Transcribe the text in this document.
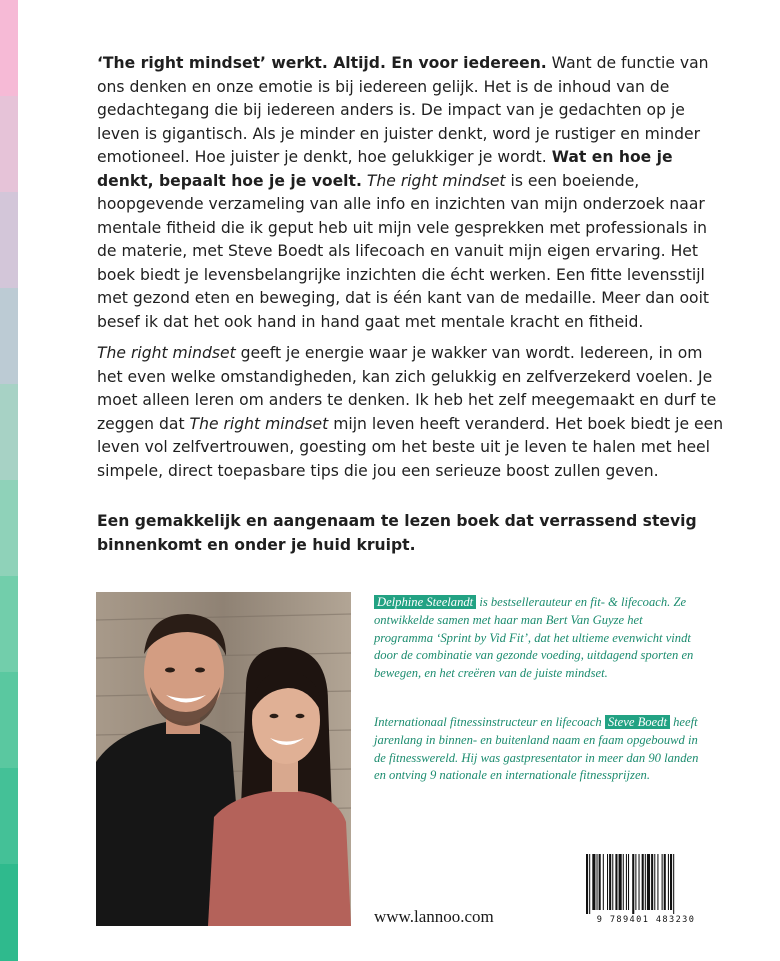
‘The right mindset’ werkt. Altijd. En voor iedereen. Want de functie van ons denken en onze emotie is bij iedereen gelijk. Het is de inhoud van de gedachtegang die bij iedereen anders is. De impact van je gedachten op je leven is gigantisch. Als je minder en juister denkt, word je rustiger en minder emotioneel. Hoe juister je denkt, hoe gelukkiger je wordt. Wat en hoe je denkt, bepaalt hoe je je voelt. The right mindset is een boeiende, hoopgevende verzameling van alle info en inzichten van mijn onderzoek naar mentale fitheid die ik geput heb uit mijn vele gesprekken met professionals in de materie, met Steve Boedt als lifecoach en vanuit mijn eigen ervaring. Het boek biedt je levensbelangrijke inzichten die écht werken. Een fitte levensstijl met gezond eten en beweging, dat is één kant van de medaille. Meer dan ooit besef ik dat het ook hand in hand gaat met mentale kracht en fitheid.

The right mindset geeft je energie waar je wakker van wordt. Iedereen, in om het even welke omstandigheden, kan zich gelukkig en zelfverzekerd voelen. Je moet alleen leren om anders te denken. Ik heb het zelf meegemaakt en durf te zeggen dat The right mindset mijn leven heeft veranderd. Het boek biedt je een leven vol zelfvertrouwen, goesting om het beste uit je leven te halen met heel simpele, direct toepasbare tips die jou een serieuze boost zullen geven.

Een gemakkelijk en aangenaam te lezen boek dat verrassend stevig binnenkomt en onder je huid kruipt.

Delphine Steelandt is bestsellerauteur en fit- & lifecoach. Ze ontwikkelde samen met haar man Bert Van Guyze het programma ‘Sprint by Vid Fit’, dat het ultieme evenwicht vindt door de combinatie van gezonde voeding, uitdagend sporten en bewegen, en het creëren van de juiste mindset.

Internationaal fitnessinstructeur en lifecoach Steve Boedt heeft jarenlang in binnen- en buitenland naam en faam opgebouwd in de fitnesswereld. Hij was gastpresentator in meer dan 90 landen en ontving 9 nationale en internationale fitnessprijzen.

www.lannoo.com	9 789401 483230
